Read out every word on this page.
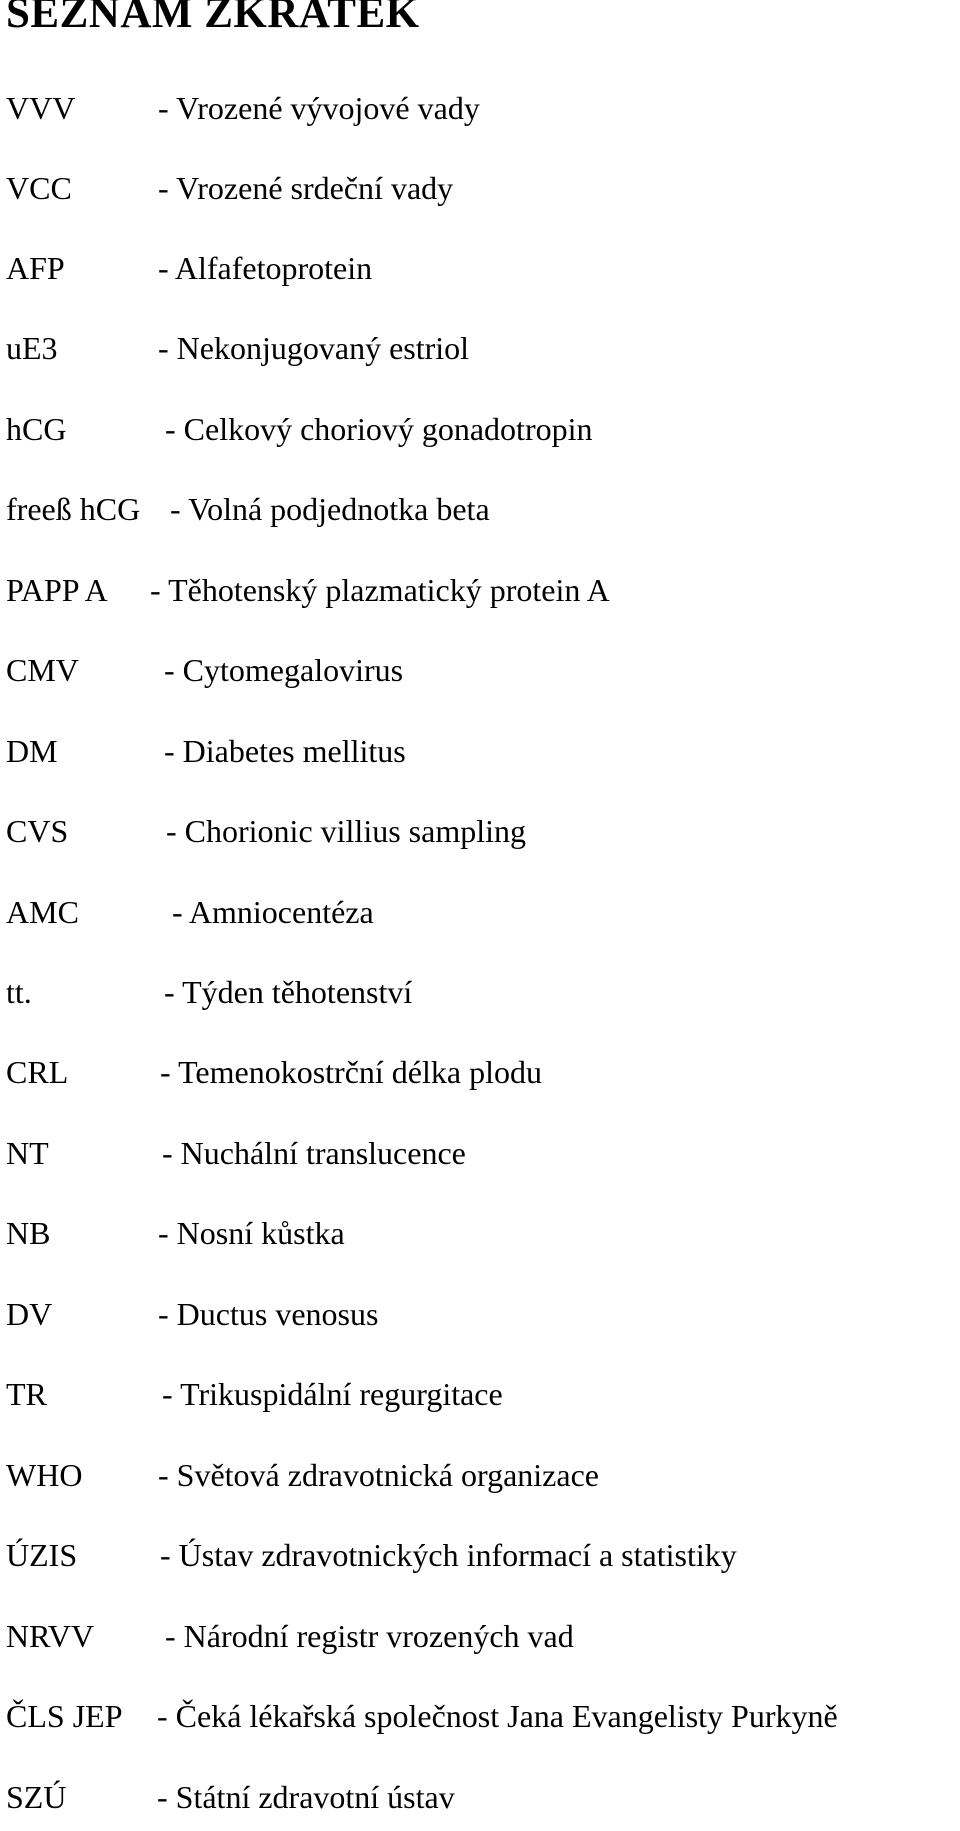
SEZNAM ZKRATEK
VVV	- Vrozené vývojové vady
VCC	- Vrozené srdeční vady
AFP	- Alfafetoprotein
uE3	- Nekonjugovaný estriol
hCG	- Celkový choriový gonadotropin
freeß hCG - Volná podjednotka beta
PAPP A - Těhotenský plazmatický protein A
CMV	- Cytomegalovirus
DM	- Diabetes mellitus
CVS	- Chorionic villius sampling
AMC	- Amniocentéza
tt.	- Týden těhotenství
CRL	- Temenokostrční délka plodu
NT	- Nuchální translucence
NB	- Nosní kůstka
DV	- Ductus venosus
TR	- Trikuspidální regurgitace
WHO - Světová zdravotnická organizace
ÚZIS	- Ústav zdravotnických informací a statistiky
NRVV - Národní registr vrozených vad
ČLS JEP - Čeká lékařská společnost Jana Evangelisty Purkyně
SZÚ	- Státní zdravotní ústav
